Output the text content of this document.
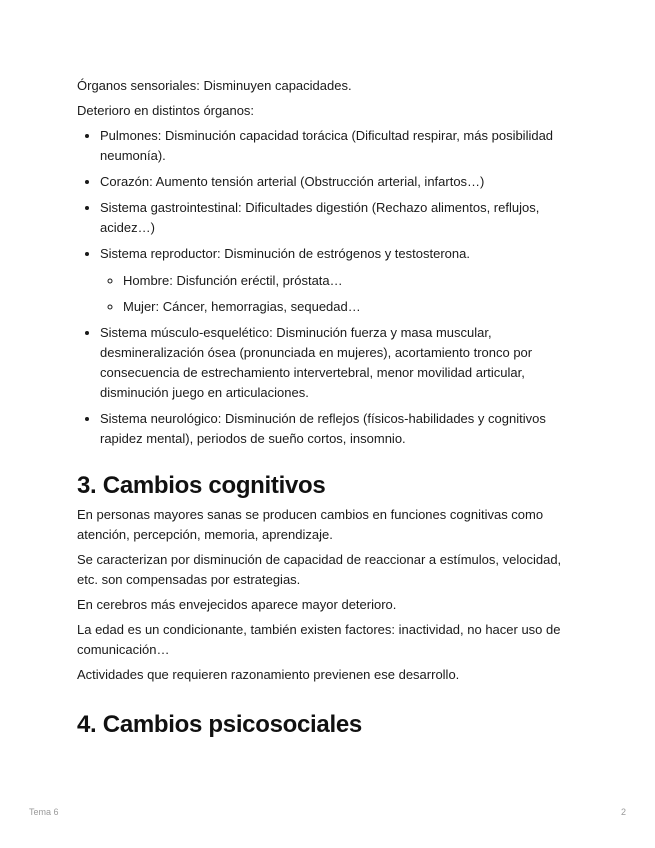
Órganos sensoriales: Disminuyen capacidades.

Deterioro en distintos órganos:

• Pulmones: Disminución capacidad torácica (Dificultad respirar, más posibilidad neumonía).
• Corazón: Aumento tensión arterial (Obstrucción arterial, infartos…)
• Sistema gastrointestinal: Dificultades digestión (Rechazo alimentos, reflujos, acidez…)
• Sistema reproductor: Disminución de estrógenos y testosterona.
◦ Hombre: Disfunción eréctil, próstata…
◦ Mujer: Cáncer, hemorragias, sequedad…
• Sistema músculo-esquelético: Disminución fuerza y masa muscular, desmineralización ósea (pronunciada en mujeres), acortamiento tronco por consecuencia de estrechamiento intervertebral, menor movilidad articular, disminución juego en articulaciones.
• Sistema neurológico: Disminución de reflejos (físicos-habilidades y cognitivos rapidez mental), periodos de sueño cortos, insomnio.
3. Cambios cognitivos

En personas mayores sanas se producen cambios en funciones cognitivas como atención, percepción, memoria, aprendizaje.

Se caracterizan por disminución de capacidad de reaccionar a estímulos, velocidad, etc. son compensadas por estrategias.

En cerebros más envejecidos aparece mayor deterioro.

La edad es un condicionante, también existen factores: inactividad, no hacer uso de comunicación…

Actividades que requieren razonamiento previenen ese desarrollo.

4. Cambios psicosociales
Tema 6	2
